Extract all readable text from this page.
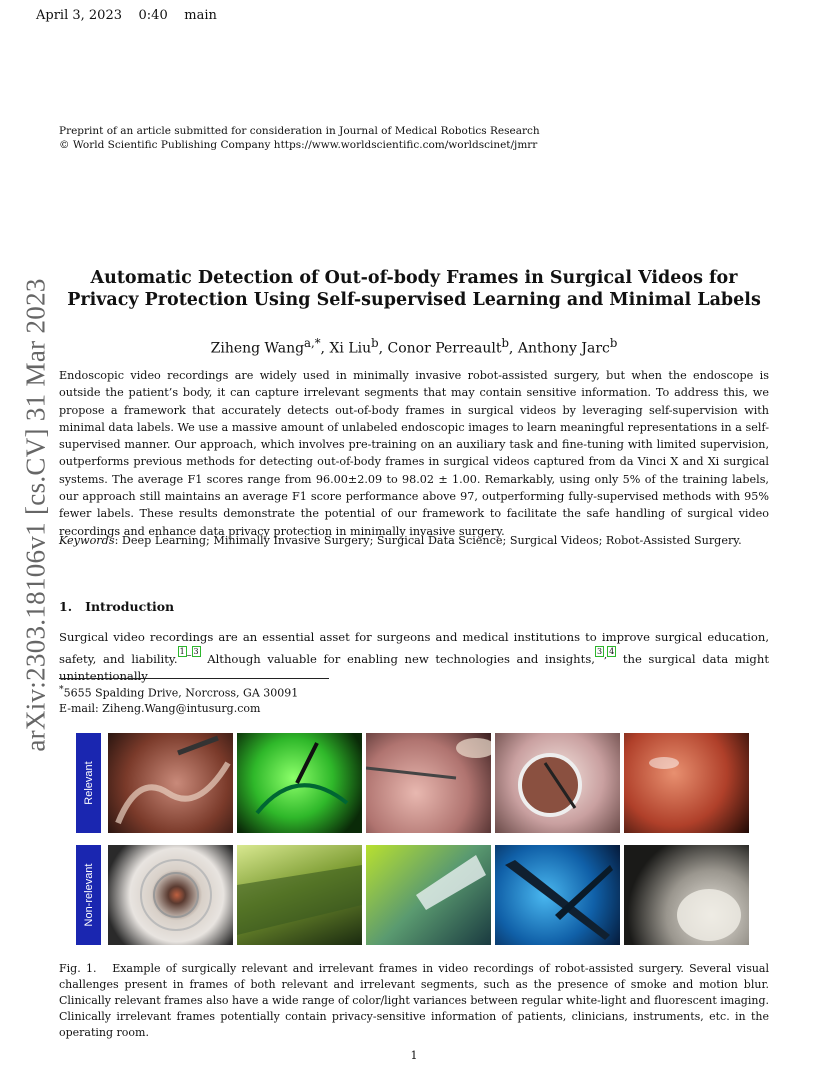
April 3, 2023 0:40 main
Preprint of an article submitted for consideration in Journal of Medical Robotics Research
© World Scientific Publishing Company https://www.worldscientific.com/worldscinet/jmrr
arXiv:2303.18106v1 [cs.CV] 31 Mar 2023
Automatic Detection of Out-of-body Frames in Surgical Videos for
Privacy Protection Using Self-supervised Learning and Minimal Labels
Ziheng Wang$^{a,*}$, Xi Liu$^b$, Conor Perreault$^b$, Anthony Jarc$^b$
Endoscopic video recordings are widely used in minimally invasive robot-assisted surgery, but when the endoscope is outside the patient’s body, it can capture irrelevant segments that may contain sensitive information. To address this, we propose a framework that accurately detects out-of-body frames in surgical videos by leveraging self-supervision with minimal data labels. We use a massive amount of unlabeled endoscopic images to learn meaningful representations in a self-supervised manner. Our approach, which involves pre-training on an auxiliary task and fine-tuning with limited supervision, outperforms previous methods for detecting out-of-body frames in surgical videos captured from da Vinci X and Xi surgical systems. The average F1 scores range from 96.00±2.09 to 98.02 ± 1.00. Remarkably, using only 5% of the training labels, our approach still maintains an average F1 score performance above 97, outperforming fully-supervised methods with 95% fewer labels. These results demonstrate the potential of our framework to facilitate the safe handling of surgical video recordings and enhance data privacy protection in minimally invasive surgery.
Keywords: Deep Learning; Minimally Invasive Surgery; Surgical Data Science; Surgical Videos; Robot-Assisted Surgery.
1. Introduction
Surgical video recordings are an essential asset for surgeons and medical institutions to improve surgical education, safety, and liability.$^{1 - 3}$ Although valuable for enabling new technologies and insights,$^{3 , 4}$ the surgical data might unintentionally
*5655 Spalding Drive, Norcross, GA 30091
E-mail: Ziheng.Wang@intusurg.com
Relevant
Non-relevant
Fig. 1. Example of surgically relevant and irrelevant frames in video recordings of robot-assisted surgery. Several visual challenges present in frames of both relevant and irrelevant segments, such as the presence of smoke and motion blur. Clinically relevant frames also have a wide range of color/light variances between regular white-light and fluorescent imaging. Clinically irrelevant frames potentially contain privacy-sensitive information of patients, clinicians, instruments, etc. in the operating room.
1
